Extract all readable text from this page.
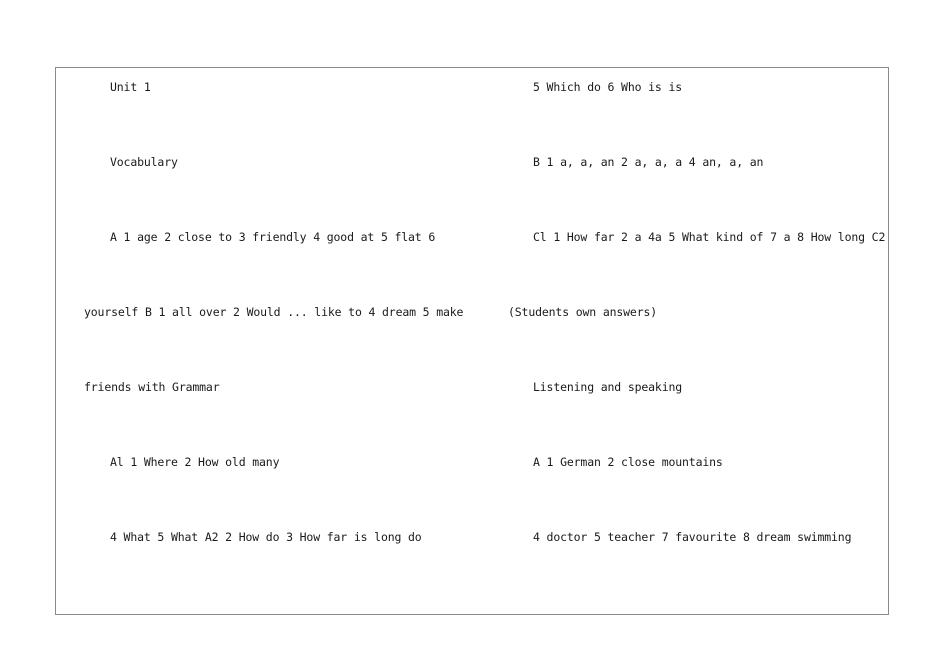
Unit 1
Vocabulary
A 1 age 2 close to 3 friendly 4 good at 5 flat 6
yourself B 1 all over 2 Would ... like to 4 dream 5 make
friends with Grammar
Al 1 Where 2 How old many
4 What 5 What A2 2 How do 3 How far is long do
5 Which do 6 Who is is
B 1 a, a, an 2 a, a, a 4 an, a, an
Cl 1 How far 2 a 4a 5 What kind of 7 a 8 How long C2
(Students own answers)
Listening and speaking
A 1 German 2 close mountains
4 doctor 5 teacher 7 favourite 8 dream swimming
